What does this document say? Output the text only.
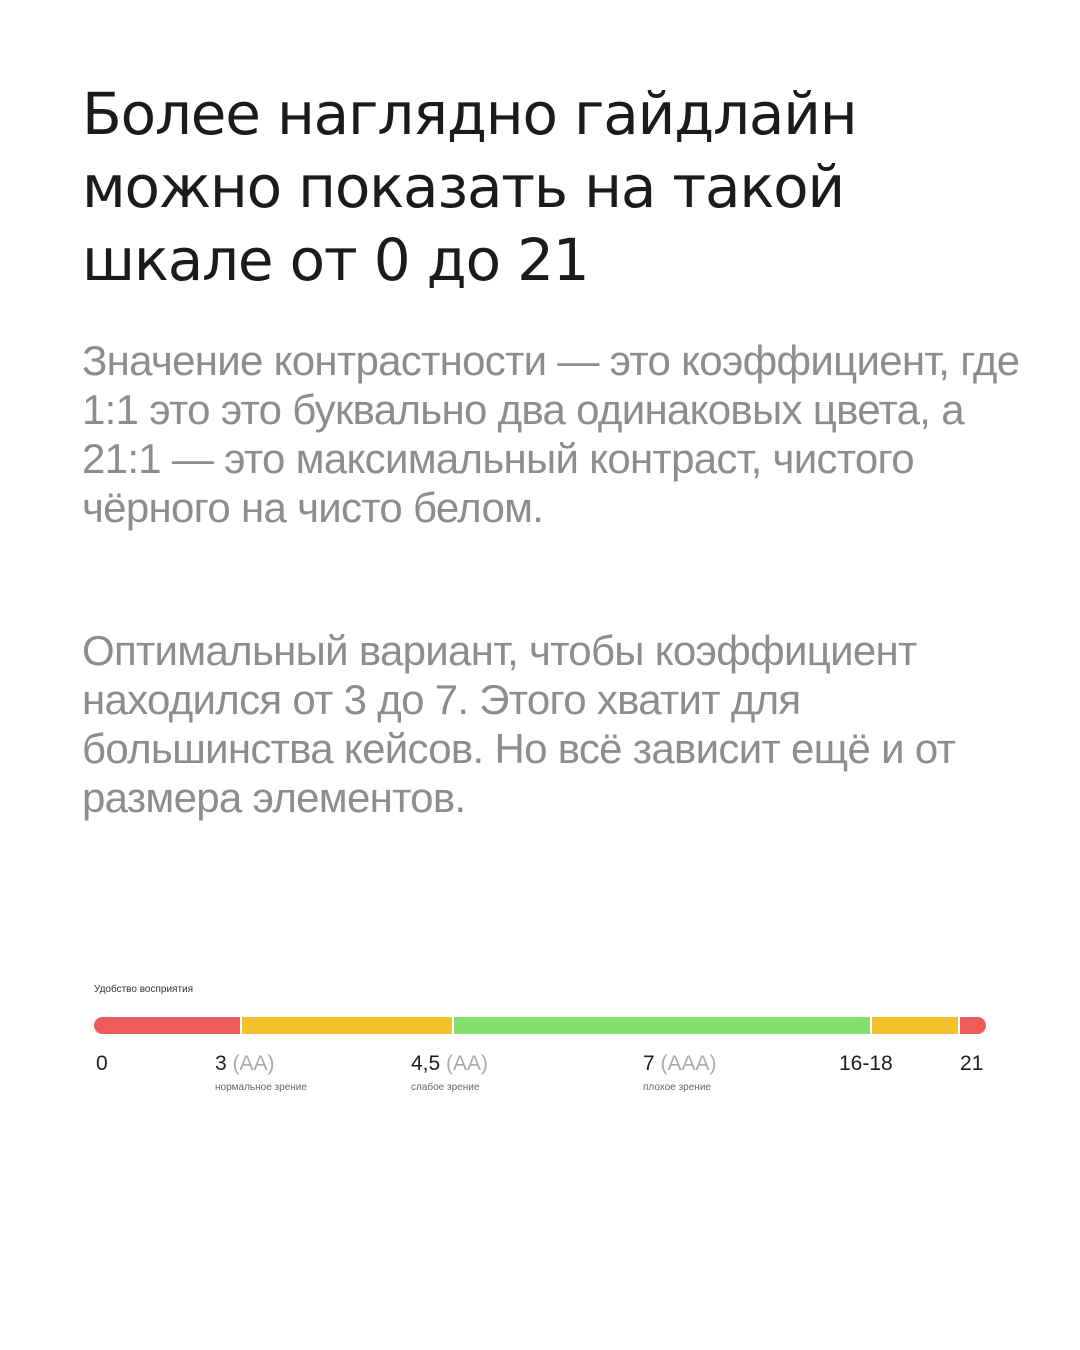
Более наглядно гайдлайн можно показать на такой шкале от 0 до 21

Значение контрастности — это коэффициент, где 1:1 это это буквально два одинаковых цвета, а 21:1 — это максимальный контраст, чистого чёрного на чисто белом.

Оптимальный вариант, чтобы коэффициент находился от 3 до 7. Этого хватит для большинства кейсов. Но всё зависит ещё и от размера элементов.

Удобство восприятия
0	3 (AA)
нормальное зрение
4,5 (AA)
слабое зрение
7 (AAA)
плохое зрение
16-18	21
